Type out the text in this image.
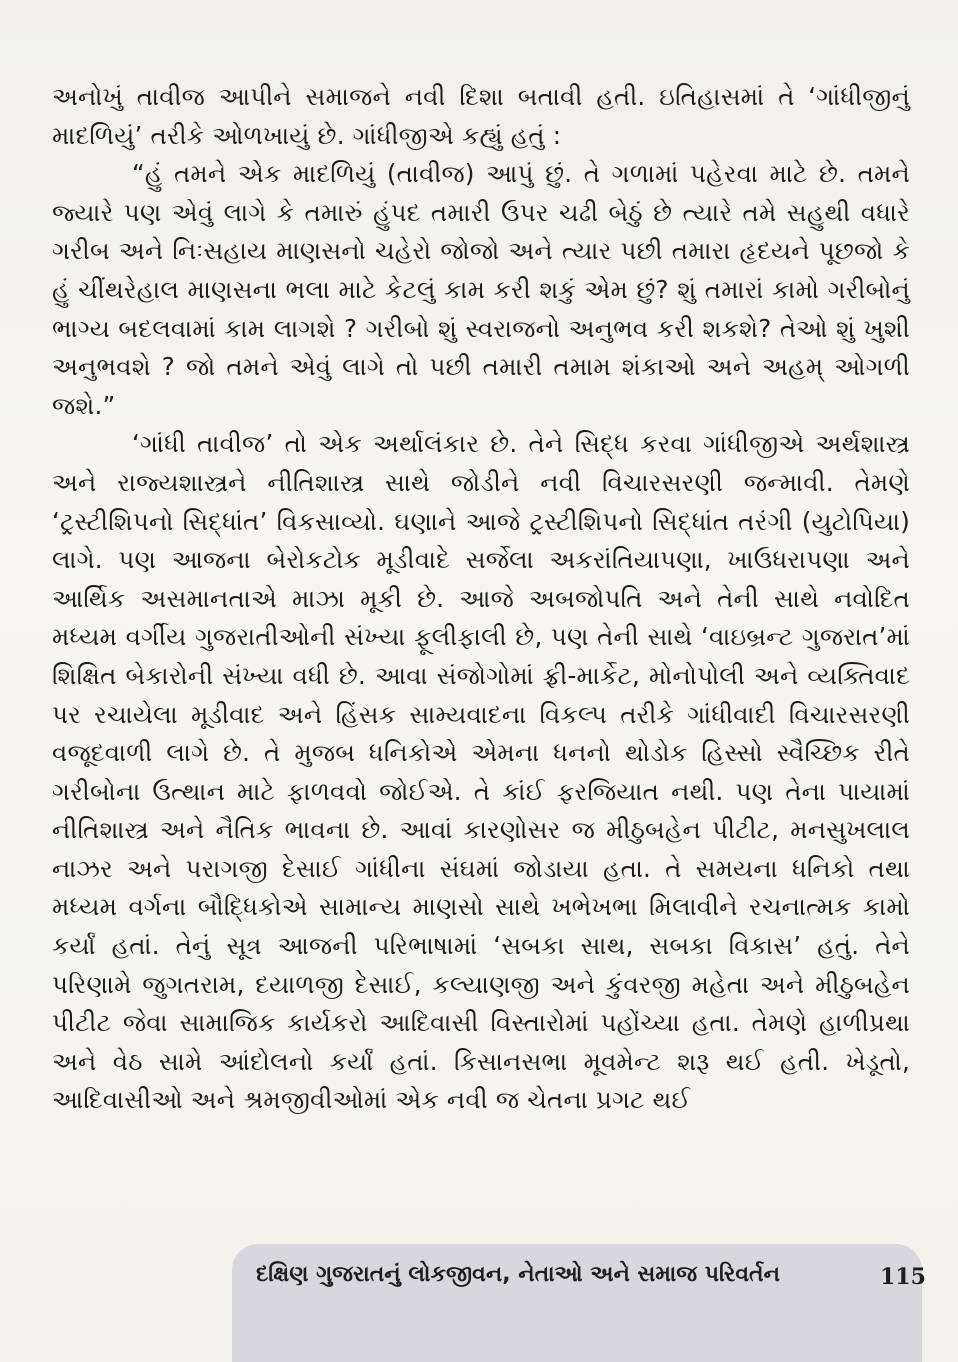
અનોખું તાવીજ આપીને સમાજને નવી દિશા બતાવી હતી. ઇતિહાસમાં તે ‘ગાંધીજીનું માદળિયું’ તરીકે ઓળખાયું છે. ગાંધીજીએ કહ્યું હતું :

“હું તમને એક માદળિયું (તાવીજ) આપું છું. તે ગળામાં પહેરવા માટે છે. તમને જ્યારે પણ એવું લાગે કે તમારું હુંપદ તમારી ઉપર ચઢી બેઠું છે ત્યારે તમે સહુથી વધારે ગરીબ અને નિઃસહાય માણસનો ચહેરો જોજો અને ત્યાર પછી તમારા હૃદયને પૂછજો કે હું ચીંથરેહાલ માણસના ભલા માટે કેટલું કામ કરી શકું એમ છું? શું તમારાં કામો ગરીબોનું ભાગ્ય બદલવામાં કામ લાગશે ? ગરીબો શું સ્વરાજનો અનુભવ કરી શકશે? તેઓ શું ખુશી અનુભવશે ? જો તમને એવું લાગે તો પછી તમારી તમામ શંકાઓ અને અહમ્ ઓગળી જશે.”

‘ગાંધી તાવીજ’ તો એક અર્થાલંકાર છે. તેને સિદ્ધ કરવા ગાંધીજીએ અર્થશાસ્ત્ર અને રાજ્યશાસ્ત્રને નીતિશાસ્ત્ર સાથે જોડીને નવી વિચારસરણી જન્માવી. તેમણે ‘ટ્રસ્ટીશિપનો સિદ્ધાંત’ વિકસાવ્યો. ઘણાને આજે ટ્રસ્ટીશિપનો સિદ્ધાંત તરંગી (યુટોપિયા) લાગે. પણ આજના બેરોકટોક મૂડીવાદે સર્જેલા અકરાંતિયાપણા, ખાઉધરાપણા અને આર્થિક અસમાનતાએ માઝા મૂકી છે. આજે અબજોપતિ અને તેની સાથે નવોદિત મધ્યમ વર્ગીય ગુજરાતીઓની સંખ્યા ફૂલીફાલી છે, પણ તેની સાથે ‘વાઇબ્રન્ટ ગુજરાત’માં શિક્ષિત બેકારોની સંખ્યા વધી છે. આવા સંજોગોમાં ફ્રી-માર્કેટ, મોનોપોલી અને વ્યક્તિવાદ પર રચાયેલા મૂડીવાદ અને હિંસક સામ્યવાદના વિકલ્પ તરીકે ગાંધીવાદી વિચારસરણી વજૂદવાળી લાગે છે. તે મુજબ ધનિકોએ એમના ધનનો થોડોક હિસ્સો સ્વૈચ્છિક રીતે ગરીબોના ઉત્થાન માટે ફાળવવો જોઈએ. તે કાંઈ ફરજિયાત નથી. પણ તેના પાયામાં નીતિશાસ્ત્ર અને નૈતિક ભાવના છે. આવાં કારણોસર જ મીઠુબહેન પીટીટ, મનસુખલાલ નાઝર અને પરાગજી દેસાઈ ગાંધીના સંઘમાં જોડાયા હતા. તે સમયના ધનિકો તથા મધ્યમ વર્ગના બૌદ્ધિકોએ સામાન્ય માણસો સાથે ખભેખભા મિલાવીને રચનાત્મક કામો કર્યાં હતાં. તેનું સૂત્ર આજની પરિભાષામાં ‘સબકા સાથ, સબકા વિકાસ’ હતું. તેને પરિણામે જુગતરામ, દયાળજી દેસાઈ, કલ્યાણજી અને કુંવરજી મહેતા અને મીઠુબહેન પીટીટ જેવા સામાજિક કાર્યકરો આદિવાસી વિસ્તારોમાં પહોંચ્યા હતા. તેમણે હાળીપ્રથા અને વેઠ સામે આંદોલનો કર્યાં હતાં. કિસાનસભા મૂવમેન્ટ શરૂ થઈ હતી. ખેડૂતો, આદિવાસીઓ અને શ્રમજીવીઓમાં એક નવી જ ચેતના પ્રગટ થઈ

દક્ષિણ ગુજરાતનું લોકજીવન, નેતાઓ અને સમાજ પરિવર્તન	115
